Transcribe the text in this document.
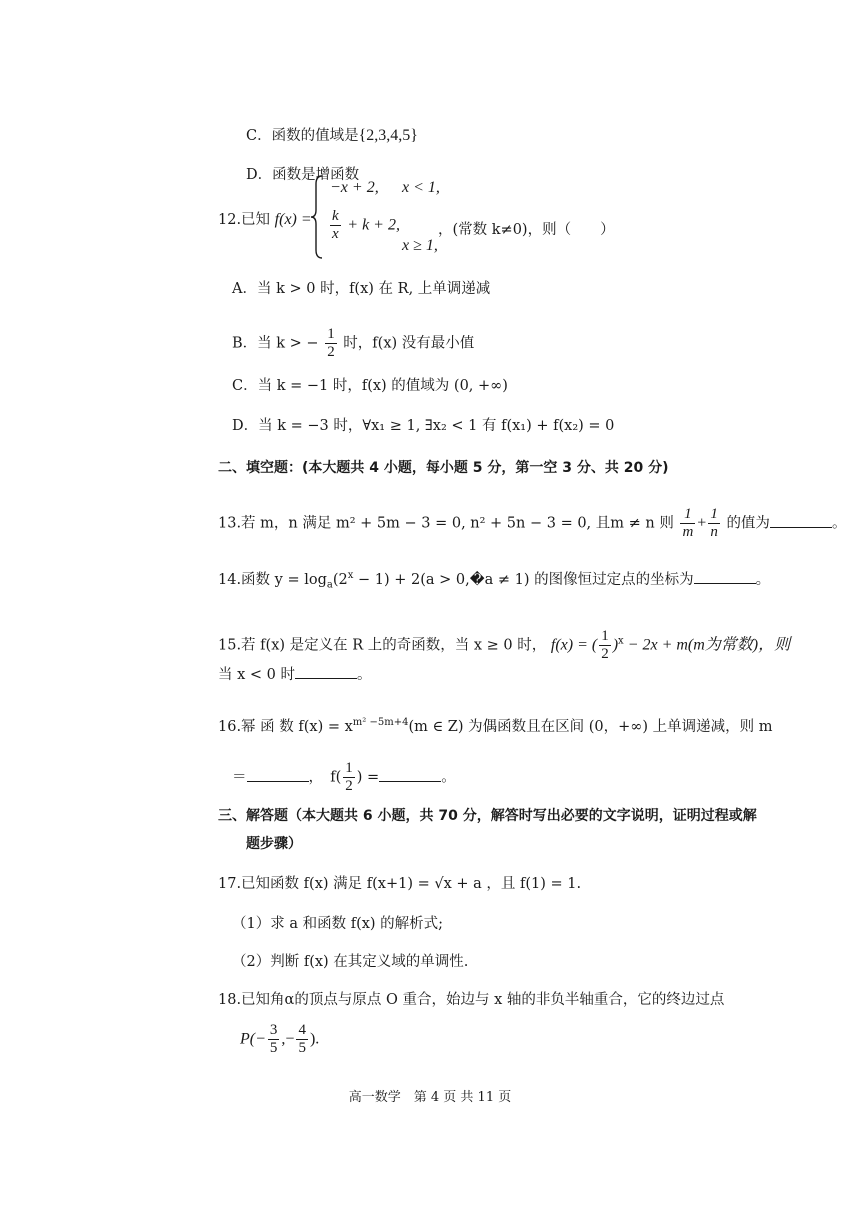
C．函数的值域是{2,3,4,5}
D．函数是增函数
12.已知 f(x) =
−x + 2, x < 1,
$\frac{k}{x} + k + 2$,
x ≥ 1,
，(常数 k≠0)，则（　　）
A．当 k > 0 时，f(x) 在 R, 上单调递减
B．当 k > − $\frac{1}{2}$ 时，f(x) 没有最小值
C．当 k = −1 时，f(x) 的值域为 (0, +∞)
D．当 k = −3 时，∀x₁ ≥ 1, ∃x₂ < 1 有 f(x₁) + f(x₂) = 0
二、填空题：(本大题共 4 小题，每小题 5 分，第一空 3 分、共 20 分)
13.若 m，n 满足 m² + 5m − 3 = 0, n² + 5n − 3 = 0, 且m ≠ n 则 $\frac{1}{m} + \frac{1}{n}$ 的值为	。
14.函数 $y = \log_a(2^x - 1) + 2(a$ > 0,�a ≠ 1) 的图像恒过定点的坐标为	。
15.若 f(x) 是定义在 R 上的奇函数，当 x ≥ 0 时， f(x) = ( $\frac{1}{2} )^x - 2x + m(m$为常数)，则
当 x < 0 时	。
16.幂 函 数 $f(x) = x^{m^2 -5m+4}(m$ ∈ Z) 为偶函数且在区间 (0，+∞) 上单调递减，则 m
＝	，　$f( \frac{1}{2}$ ) =	。
三、解答题（本大题共 6 小题，共 70 分，解答时写出必要的文字说明，证明过程或解
题步骤）
17.已知函数 f(x) 满足 f(x+1) = √x + a ，且 f(1) = 1.
（1）求 a 和函数 f(x) 的解析式;
（2）判断 f(x) 在其定义域的单调性.
18.已知角α的顶点与原点 O 重合，始边与 x 轴的非负半轴重合，它的终边过点
$P(- \frac{3}{5}$ ,− $\frac{4}{5}$ ).
高一数学　第 4 页 共 11 页
